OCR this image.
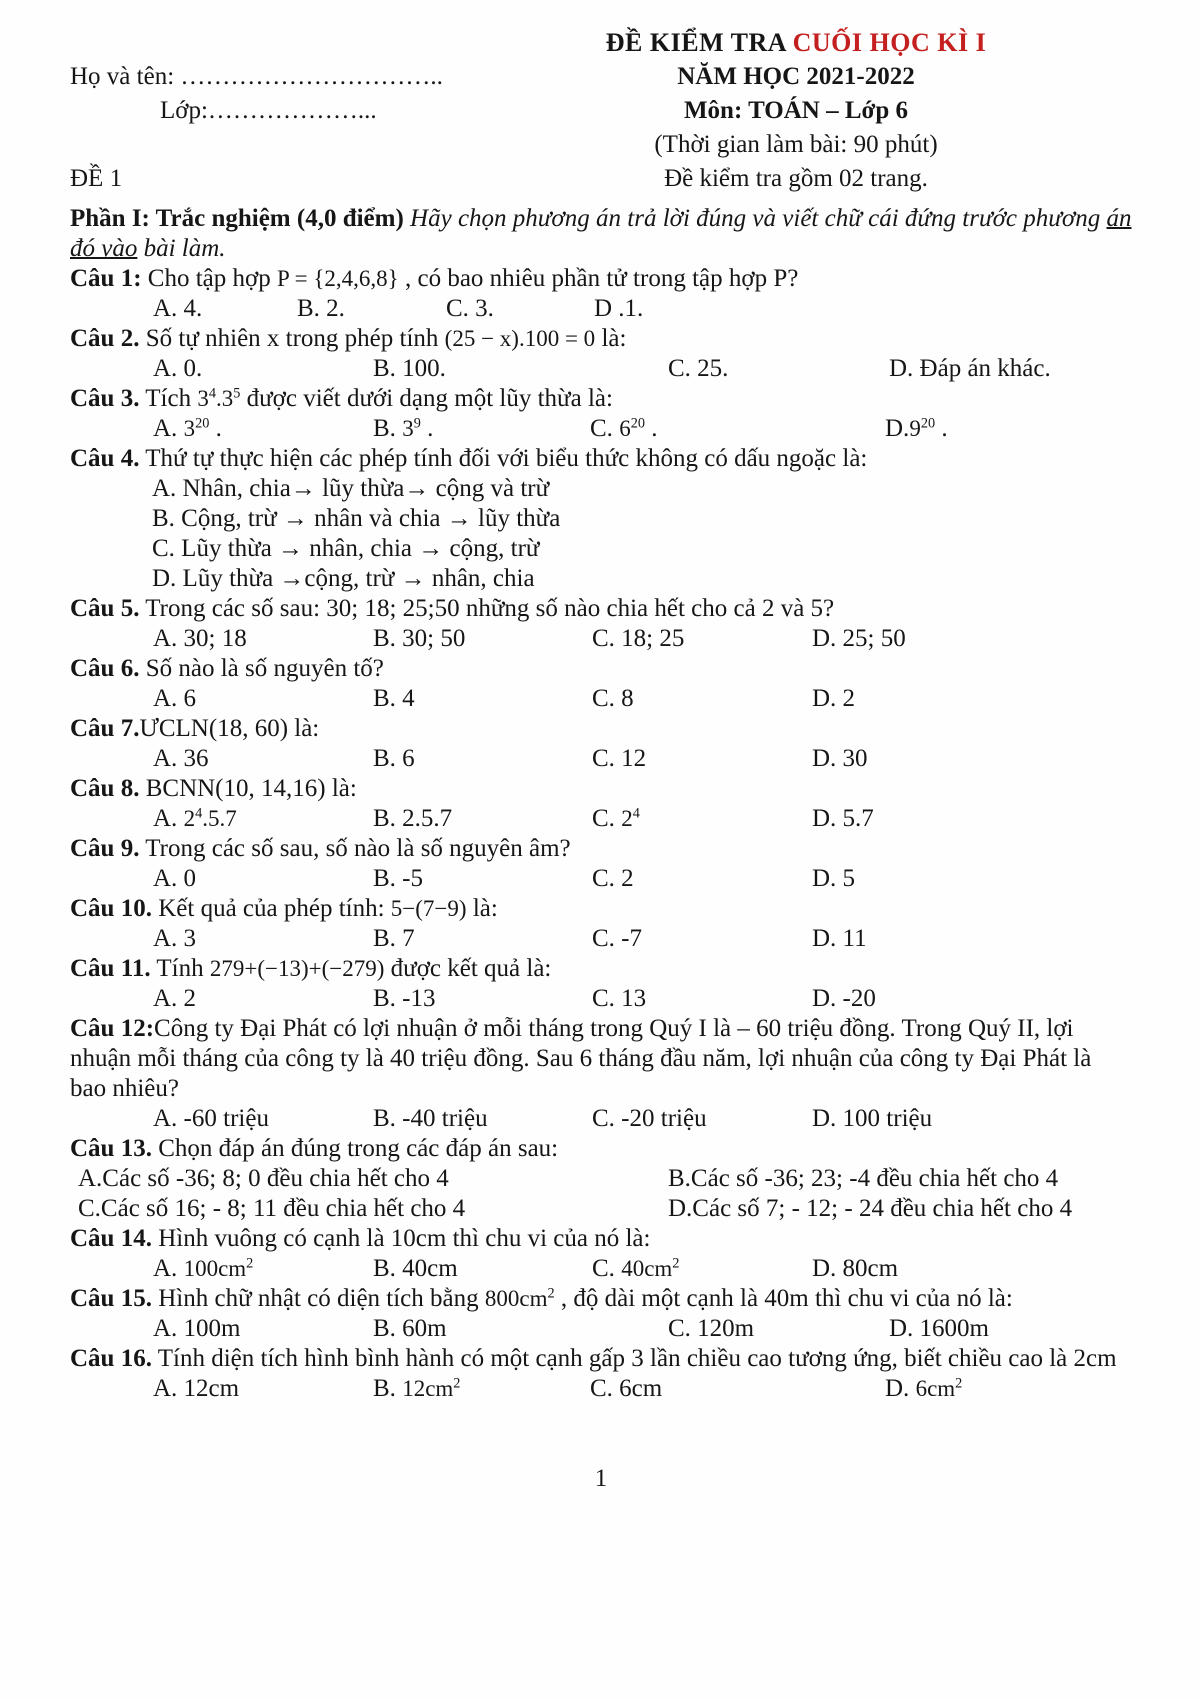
ĐỀ KIỂM TRA CUỐI HỌC KÌ I
Họ và tên: …………………………..	NĂM HỌC 2021-2022
Lớp:………………...	Môn: TOÁN – Lớp 6
(Thời gian làm bài: 90 phút)
ĐỀ 1	Đề kiểm tra gồm 02 trang.

Phần I: Trắc nghiệm (4,0 điểm) Hãy chọn phương án trả lời đúng và viết chữ cái đứng trước phương án đó vào bài làm.

Câu 1: Cho tập hợp P = {2,4,6,8} , có bao nhiêu phần tử trong tập hợp P?

A. 4.	B. 2.	C. 3.	D .1.

Câu 2. Số tự nhiên x trong phép tính (25 − x).100 = 0 là:

A. 0.	B. 100.	C. 25.	D. Đáp án khác.

Câu 3. Tích $3^4.3^5$ được viết dưới dạng một lũy thừa là:

A. $3^{20}$ .	B. $3^9$ .	C. $6^{20}$ .	$D.9^{20}$ .

Câu 4. Thứ tự thực hiện các phép tính đối với biểu thức không có dấu ngoặc là:

A. Nhân, chia→ lũy thừa→ cộng và trừ
B. Cộng, trừ → nhân và chia → lũy thừa
C. Lũy thừa → nhân, chia → cộng, trừ
D. Lũy thừa →cộng, trừ → nhân, chia

Câu 5. Trong các số sau: 30; 18; 25;50 những số nào chia hết cho cả 2 và 5?

A. 30; 18	B. 30; 50	C. 18; 25	D. 25; 50

Câu 6. Số nào là số nguyên tố?

A. 6	B. 4	C. 8	D. 2

Câu 7.ƯCLN(18, 60) là:

A. 36	B. 6	C. 12	D. 30

Câu 8. BCNN(10, 14,16) là:

A. $2^4.5.7$	B. 2.5.7	C. $2^4$	D. 5.7

Câu 9. Trong các số sau, số nào là số nguyên âm?

A. 0	B. -5	C. 2	D. 5

Câu 10. Kết quả của phép tính: 5−(7−9) là:

A. 3	B. 7	C. -7	D. 11

Câu 11. Tính 279+(−13)+(−279) được kết quả là:

A. 2	B. -13	C. 13	D. -20

Câu 12:Công ty Đại Phát có lợi nhuận ở mỗi tháng trong Quý I là – 60 triệu đồng. Trong Quý II, lợi nhuận mỗi tháng của công ty là 40 triệu đồng. Sau 6 tháng đầu năm, lợi nhuận của công ty Đại Phát là bao nhiêu?

A. -60 triệu	B. -40 triệu	C. -20 triệu	D. 100 triệu

Câu 13. Chọn đáp án đúng trong các đáp án sau:

A.Các số -36; 8; 0 đều chia hết cho 4	B.Các số -36; 23; -4 đều chia hết cho 4
C.Các số 16; - 8; 11 đều chia hết cho 4	D.Các số 7; - 12; - 24 đều chia hết cho 4

Câu 14. Hình vuông có cạnh là 10cm thì chu vi của nó là:

A. $100cm^2$	B. 40cm	C. $40cm^2$	D. 80cm

Câu 15. Hình chữ nhật có diện tích bằng $800cm^2$ , độ dài một cạnh là 40m thì chu vi của nó là:

A. 100m	B. 60m	C. 120m	D. 1600m

Câu 16. Tính diện tích hình bình hành có một cạnh gấp 3 lần chiều cao tương ứng, biết chiều cao là 2cm

A. 12cm	B. $12cm^2$	C. 6cm	D. $6cm^2$
1
